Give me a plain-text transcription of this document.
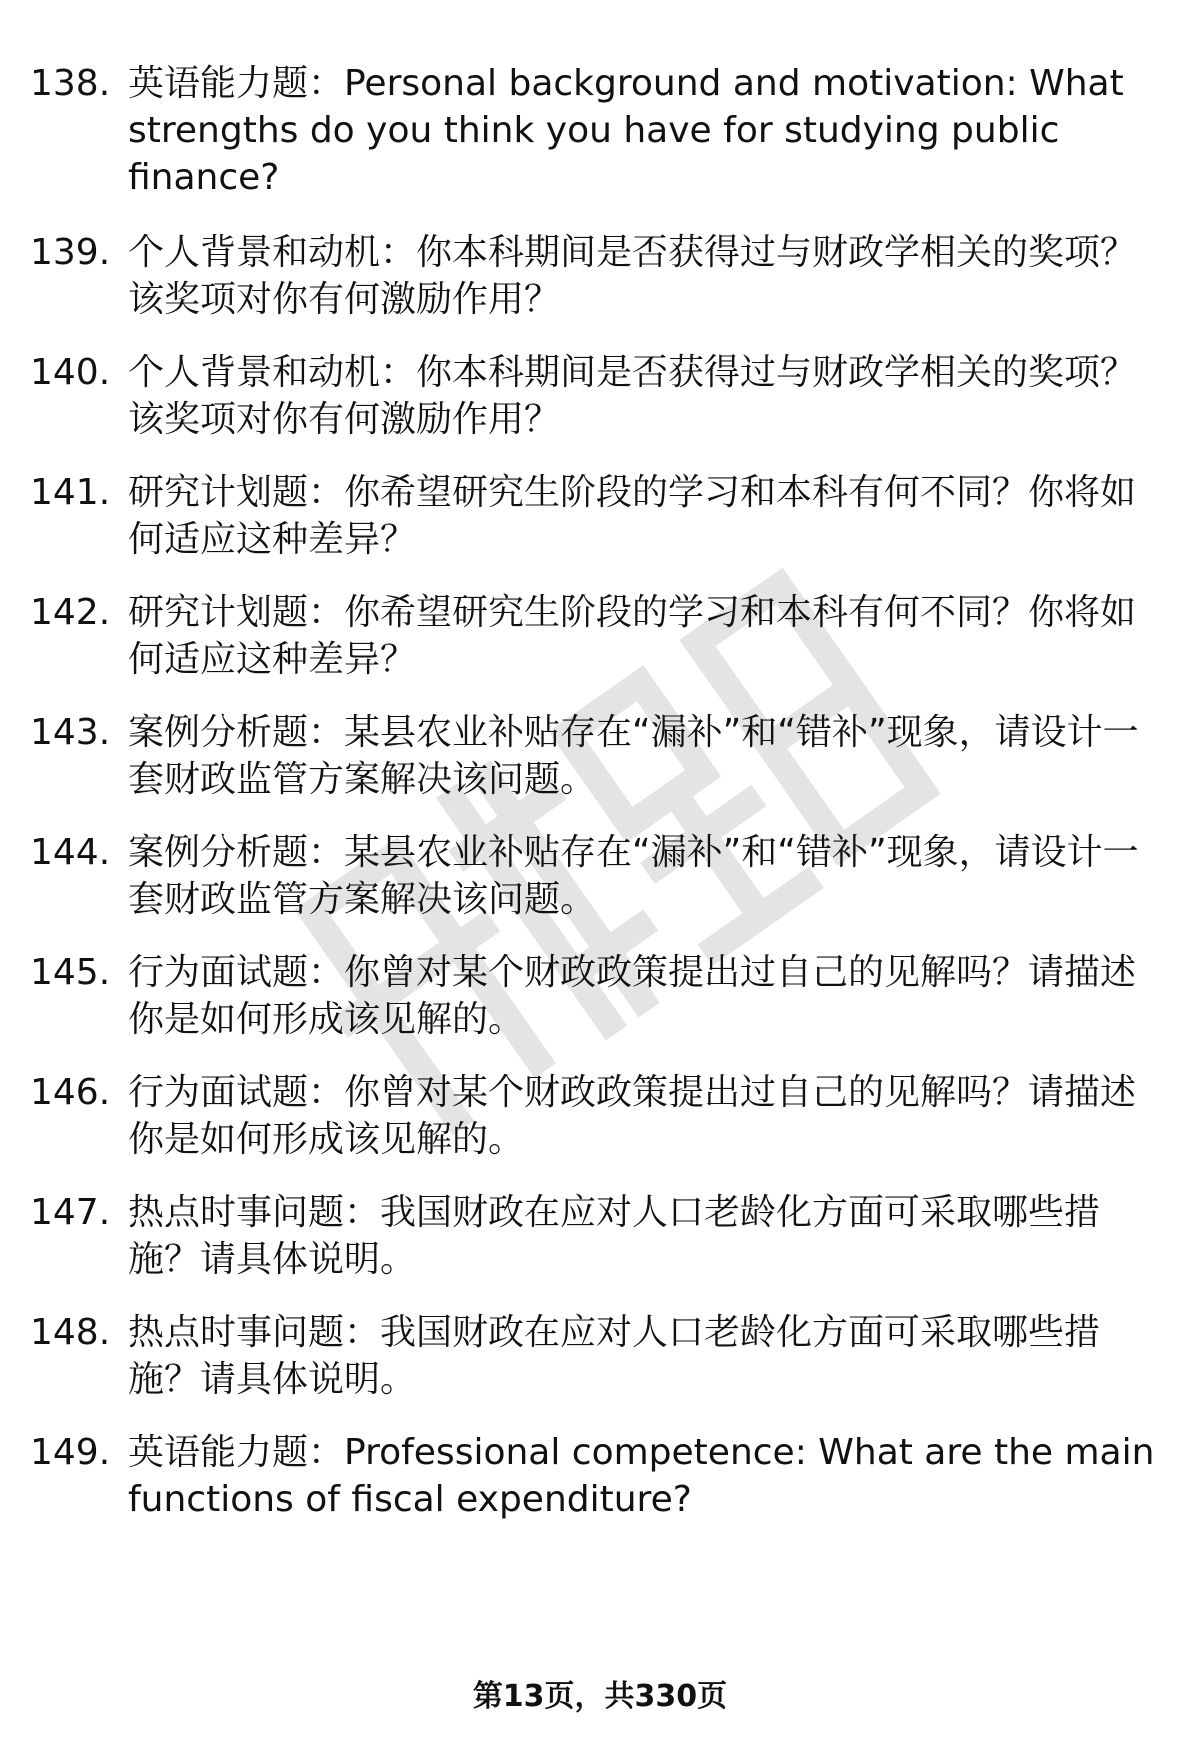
138. 英语能力题：Personal background and motivation: What strengths do you think you have for studying public finance?
139. 个人背景和动机：你本科期间是否获得过与财政学相关的奖项？该奖项对你有何激励作用？
140. 个人背景和动机：你本科期间是否获得过与财政学相关的奖项？该奖项对你有何激励作用？
141. 研究计划题：你希望研究生阶段的学习和本科有何不同？你将如何适应这种差异？
142. 研究计划题：你希望研究生阶段的学习和本科有何不同？你将如何适应这种差异？
143. 案例分析题：某县农业补贴存在“漏补”和“错补”现象，请设计一套财政监管方案解决该问题。
144. 案例分析题：某县农业补贴存在“漏补”和“错补”现象，请设计一套财政监管方案解决该问题。
145. 行为面试题：你曾对某个财政政策提出过自己的见解吗？请描述你是如何形成该见解的。
146. 行为面试题：你曾对某个财政政策提出过自己的见解吗？请描述你是如何形成该见解的。
147. 热点时事问题：我国财政在应对人口老龄化方面可采取哪些措施？请具体说明。
148. 热点时事问题：我国财政在应对人口老龄化方面可采取哪些措施？请具体说明。
149. 英语能力题：Professional competence: What are the main functions of fiscal expenditure?
第13页，共330页
